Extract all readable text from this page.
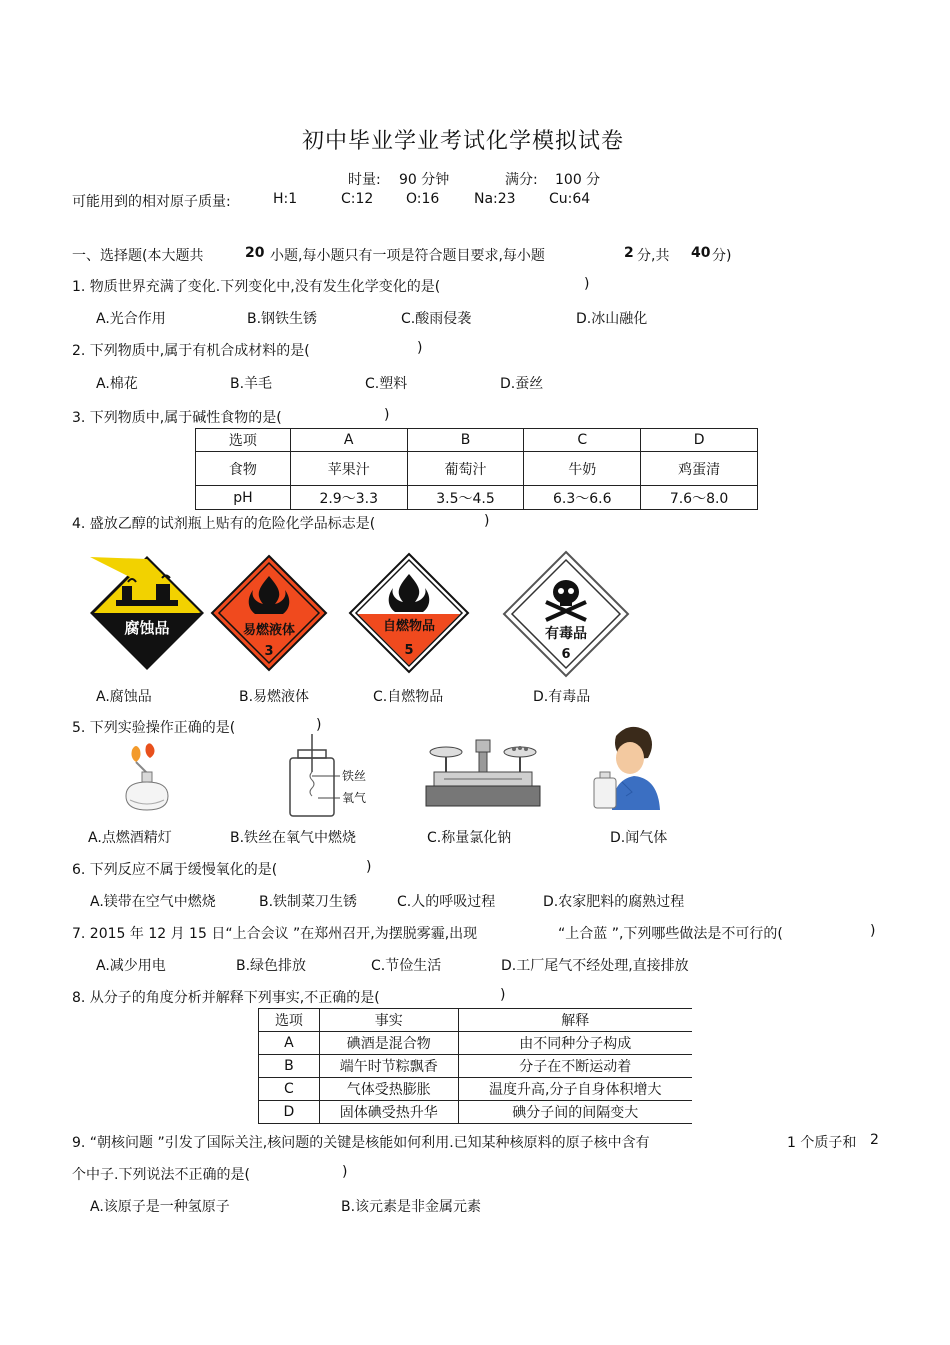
初中毕业学业考试化学模拟试卷
时量: 90 分钟	满分: 100 分
可能用到的相对原子质量:	H:1	C:12 O:16 Na:23 Cu:64
一、选择题(本大题共	20 小题,每小题只有一项是符合题目要求,每小题	2 分,共 40 分)
1. 物质世界充满了变化.下列变化中,没有发生化学变化的是(	)
A.光合作用	B.钢铁生锈	C.酸雨侵袭	D.冰山融化
2. 下列物质中,属于有机合成材料的是(	)
A.棉花	B.羊毛	C.塑料	D.蚕丝
3. 下列物质中,属于碱性食物的是(	)
选项	A	B	C	D
食物	苹果汁	葡萄汁	牛奶	鸡蛋清
pH	2.9～3.3	3.5～4.5	6.3～6.6	7.6～8.0
4. 盛放乙醇的试剂瓶上贴有的危险化学品标志是(	)
腐蚀品	易燃液体
3
自燃物品
5
有毒品
6
A.腐蚀品	B.易燃液体	C.自燃物品	D.有毒品
5. 下列实验操作正确的是(	)
铁丝
氧气
A.点燃酒精灯	B.铁丝在氧气中燃烧	C.称量氯化钠	D.闻气体
6. 下列反应不属于缓慢氧化的是(	)
A.镁带在空气中燃烧	B.铁制菜刀生锈	C.人的呼吸过程	D.农家肥料的腐熟过程
7. 2015 年 12 月 15 日“上合会议 ”在郑州召开,为摆脱雾霾,出现	“上合蓝 ”,下列哪些做法是不可行的(	)
A.减少用电	B.绿色排放	C.节俭生活	D.工厂尾气不经处理,直接排放
8. 从分子的角度分析并解释下列事实,不正确的是(	)
选项	事实	解释
A	碘酒是混合物	由不同种分子构成
B	端午时节粽飘香	分子在不断运动着
C	气体受热膨胀	温度升高,分子自身体积增大
D	固体碘受热升华	碘分子间的间隔变大
9. “朝核问题 ”引发了国际关注,核问题的关键是核能如何利用.已知某种核原料的原子核中含有	1 个质子和 2
个中子.下列说法不正确的是(	)
A.该原子是一种氢原子	B.该元素是非金属元素
